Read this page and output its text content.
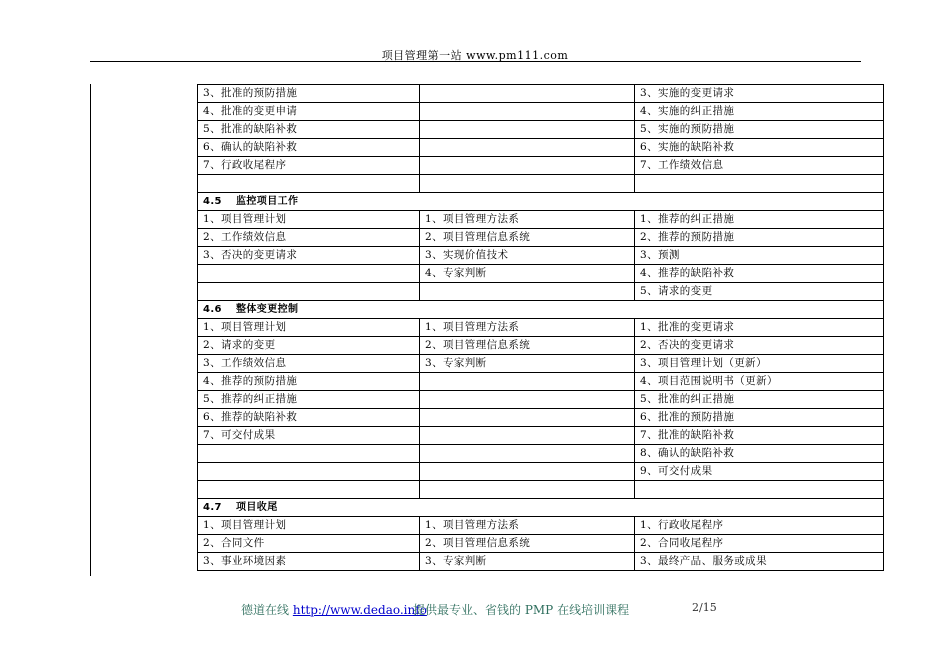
项目管理第一站 www.pm111.com
3、批准的预防措施		3、实施的变更请求
4、批准的变更申请		4、实施的纠正措施
5、批准的缺陷补救		5、实施的预防措施
6、确认的缺陷补救		6、实施的缺陷补救
7、行政收尾程序		7、工作绩效信息

4.5 监控项目工作		
1、项目管理计划	1、项目管理方法系	1、推荐的纠正措施
2、工作绩效信息	2、项目管理信息系统	2、推荐的预防措施
3、否决的变更请求	3、实现价值技术	3、预测
	4、专家判断	4、推荐的缺陷补救
		5、请求的变更
4.6 整体变更控制		
1、项目管理计划	1、项目管理方法系	1、批准的变更请求
2、请求的变更	2、项目管理信息系统	2、否决的变更请求
3、工作绩效信息	3、专家判断	3、项目管理计划（更新）
4、推荐的预防措施		4、项目范围说明书（更新）
5、推荐的纠正措施		5、批准的纠正措施
6、推荐的缺陷补救		6、批准的预防措施
7、可交付成果		7、批准的缺陷补救
		8、确认的缺陷补救
		9、可交付成果

4.7 项目收尾		
1、项目管理计划	1、项目管理方法系	1、行政收尾程序
2、合同文件	2、项目管理信息系统	2、合同收尾程序
3、事业环境因素	3、专家判断	3、最终产品、服务或成果
德道在线 http://www.dedao.info
提供最专业、省钱的 PMP 在线培训课程	2/15
